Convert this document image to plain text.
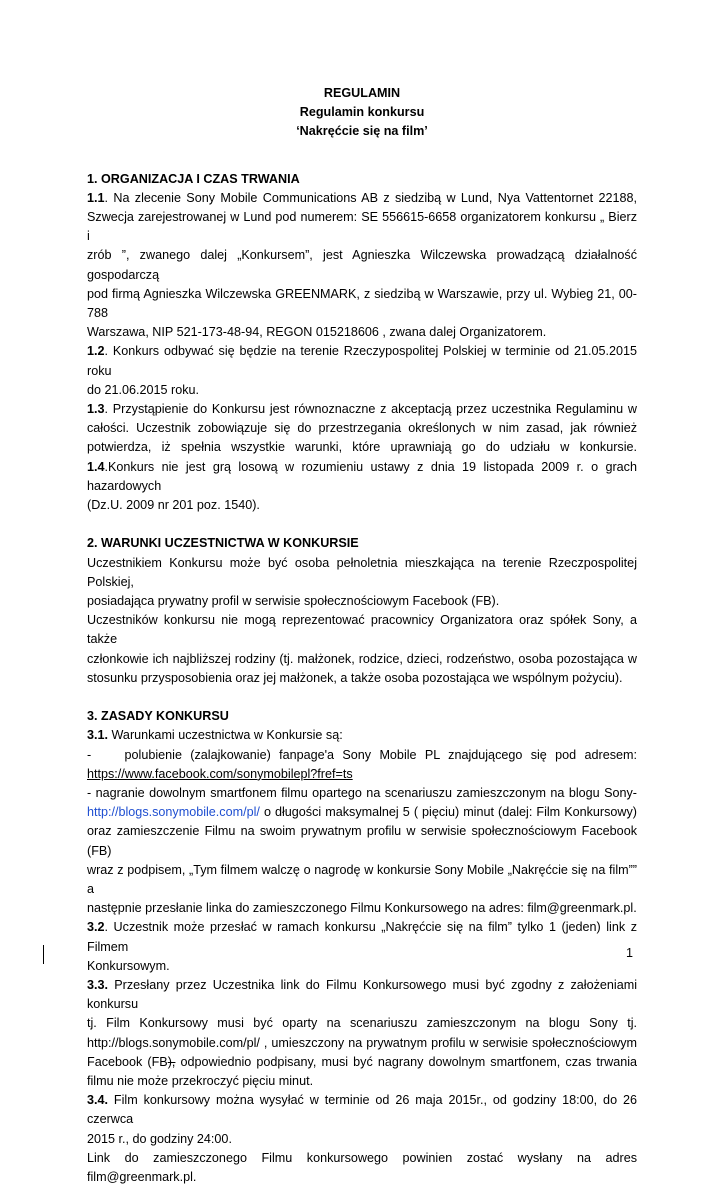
REGULAMIN
Regulamin konkursu
‘Nakręćcie się na film’
1. ORGANIZACJA I CZAS TRWANIA

1.1. Na zlecenie Sony Mobile Communications AB z siedzibą w Lund, Nya Vattentornet 22188,
Szwecja zarejestrowanej w Lund pod numerem: SE 556615-6658 organizatorem konkursu „ Bierz i
zrób ”, zwanego dalej „Konkursem”, jest Agnieszka Wilczewska prowadzącą działalność gospodarczą
pod firmą Agnieszka Wilczewska GREENMARK, z siedzibą w Warszawie, przy ul. Wybieg 21, 00-788
Warszawa, NIP 521-173-48-94, REGON 015218606 , zwana dalej Organizatorem.

1.2. Konkurs odbywać się będzie na terenie Rzeczypospolitej Polskiej w terminie od 21.05.2015 roku
do 21.06.2015 roku.

1.3. Przystąpienie do Konkursu jest równoznaczne z akceptacją przez uczestnika Regulaminu w
całości. Uczestnik zobowiązuje się do przestrzegania określonych w nim zasad, jak również
potwierdza, iż spełnia wszystkie warunki, które uprawniają go do udziału w konkursie.

1.4.Konkurs nie jest grą losową w rozumieniu ustawy z dnia 19 listopada 2009 r. o grach hazardowych
(Dz.U. 2009 nr 201 poz. 1540).

2. WARUNKI UCZESTNICTWA W KONKURSIE

Uczestnikiem Konkursu może być osoba pełnoletnia mieszkająca na terenie Rzeczpospolitej Polskiej,
posiadająca prywatny profil w serwisie społecznościowym Facebook (FB).

Uczestników konkursu nie mogą reprezentować pracownicy Organizatora oraz spółek Sony, a także
członkowie ich najbliższej rodziny (tj. małżonek, rodzice, dzieci, rodzeństwo, osoba pozostająca w
stosunku przysposobienia oraz jej małżonek, a także osoba pozostająca we wspólnym pożyciu).

3. ZASADY KONKURSU

3.1. Warunkami uczestnictwa w Konkursie są:

-        polubienie  (zalajkowanie)  fanpage'a  Sony  Mobile  PL  znajdującego  się  pod  adresem:
https://www.facebook.com/sonymobilepl?fref=ts

- nagranie dowolnym smartfonem filmu opartego na scenariuszu zamieszczonym na blogu Sony-
http://blogs.sonymobile.com/pl/ o długości maksymalnej 5 ( pięciu) minut (dalej: Film Konkursowy)
oraz zamieszczenie Filmu na swoim prywatnym profilu w serwisie społecznościowym Facebook (FB)
wraz z podpisem, „Tym filmem walczę o nagrodę w konkursie Sony Mobile „Nakręćcie się na film”” a
następnie przesłanie linka do zamieszczonego Filmu Konkursowego na adres: film@greenmark.pl.

3.2. Uczestnik może przesłać w ramach konkursu „Nakręćcie się na film” tylko 1 (jeden) link z Filmem
Konkursowym.

3.3. Przesłany przez Uczestnika link do Filmu Konkursowego musi być zgodny z założeniami konkursu
tj. Film Konkursowy musi być oparty na scenariuszu zamieszczonym na blogu Sony tj.
http://blogs.sonymobile.com/pl/ , umieszczony na prywatnym profilu w serwisie społecznościowym
Facebook (FB), odpowiednio podpisany, musi być nagrany dowolnym smartfonem, czas trwania
filmu nie może przekroczyć pięciu minut.

3.4. Film konkursowy można wysyłać w terminie od 26 maja 2015r., od godziny 18:00, do 26 czerwca
2015 r., do godziny 24:00.

Link do zamieszczonego Filmu konkursowego powinien zostać wysłany na adres film@greenmark.pl.

1
